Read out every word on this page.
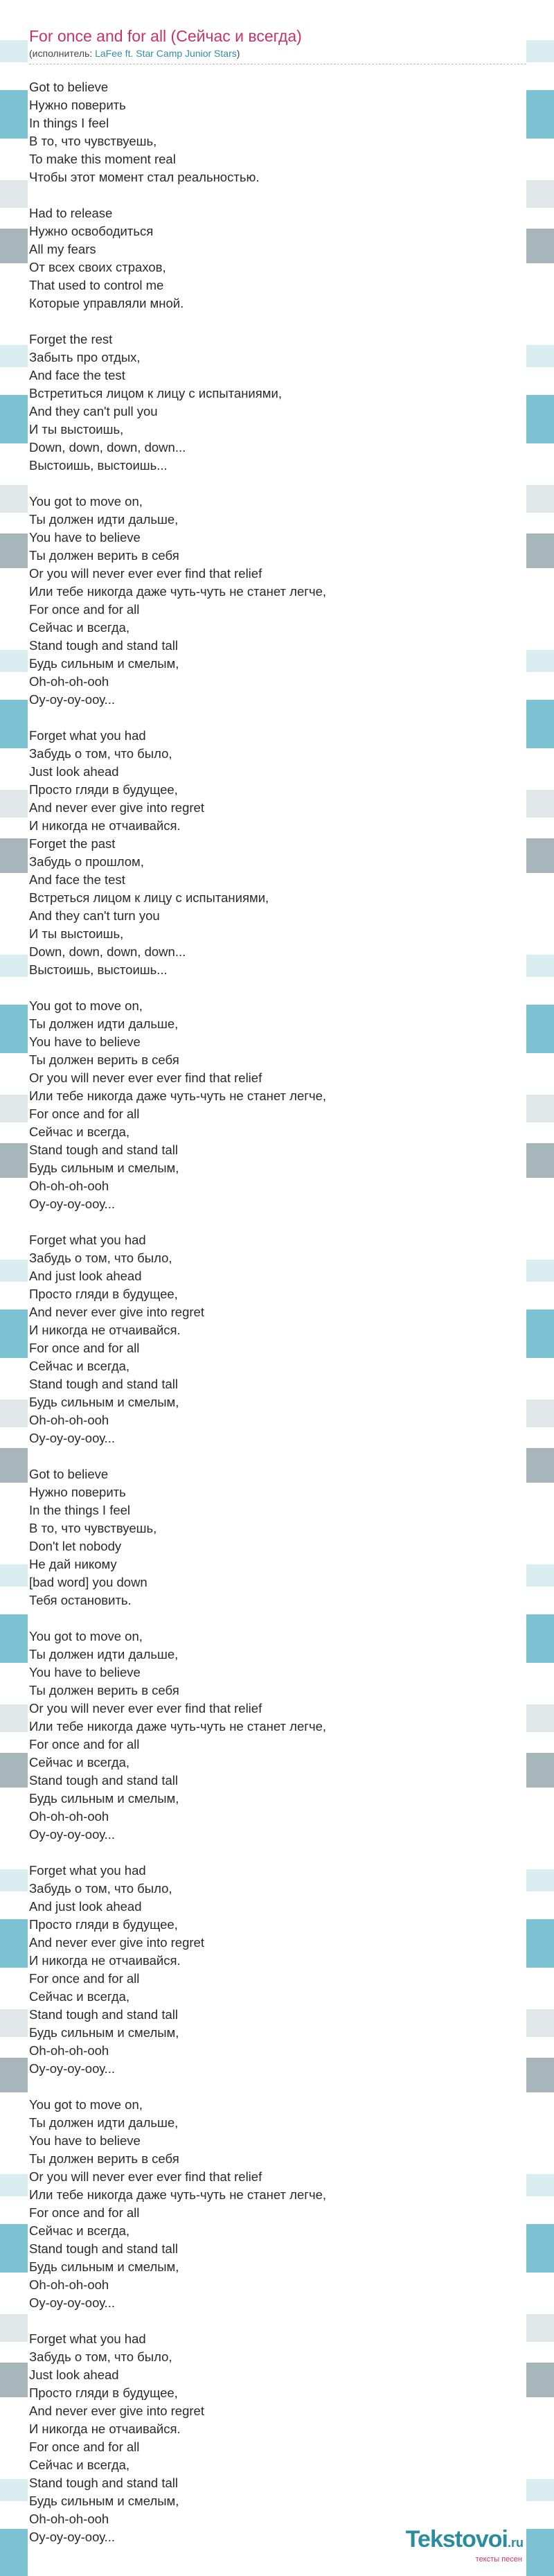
For once and for all (Сейчас и всегда)
(исполнитель: LaFee ft. Star Camp Junior Stars)
Got to believe
Нужно поверить
In things I feel
В то, что чувствуешь,
To make this moment real
Чтобы этот момент стал реальностью.
Had to release
Нужно освободиться
All my fears
От всех своих страхов,
That used to control me
Которые управляли мной.
Forget the rest
Забыть про отдых,
And face the test
Встретиться лицом к лицу с испытаниями,
And they can't pull you
И ты выстоишь,
Down, down, down, down...
Выстоишь, выстоишь...
You got to move on,
Ты должен идти дальше,
You have to believe
Ты должен верить в себя
Or you will never ever ever find that relief
Или тебе никогда даже чуть-чуть не станет легче,
For once and for all
Сейчас и всегда,
Stand tough and stand tall
Будь сильным и смелым,
Oh-oh-oh-ooh
Оу-оу-оу-ооу...
Forget what you had
Забудь о том, что было,
Just look ahead
Просто гляди в будущее,
And never ever give into regret
И никогда не отчаивайся.
Forget the past
Забудь о прошлом,
And face the test
Встреться лицом к лицу с испытаниями,
And they can't turn you
И ты выстоишь,
Down, down, down, down...
Выстоишь, выстоишь...
You got to move on,
Ты должен идти дальше,
You have to believe
Ты должен верить в себя
Or you will never ever ever find that relief
Или тебе никогда даже чуть-чуть не станет легче,
For once and for all
Сейчас и всегда,
Stand tough and stand tall
Будь сильным и смелым,
Oh-oh-oh-ooh
Оу-оу-оу-ооу...
Forget what you had
Забудь о том, что было,
And just look ahead
Просто гляди в будущее,
And never ever give into regret
И никогда не отчаивайся.
For once and for all
Сейчас и всегда,
Stand tough and stand tall
Будь сильным и смелым,
Oh-oh-oh-ooh
Оу-оу-оу-ооу...
Got to believe
Нужно поверить
In the things I feel
В то, что чувствуешь,
Don't let nobody
Не дай никому
[bad word] you down
Тебя остановить.
You got to move on,
Ты должен идти дальше,
You have to believe
Ты должен верить в себя
Or you will never ever ever find that relief
Или тебе никогда даже чуть-чуть не станет легче,
For once and for all
Сейчас и всегда,
Stand tough and stand tall
Будь сильным и смелым,
Oh-oh-oh-ooh
Оу-оу-оу-ооу...
Forget what you had
Забудь о том, что было,
And just look ahead
Просто гляди в будущее,
And never ever give into regret
И никогда не отчаивайся.
For once and for all
Сейчас и всегда,
Stand tough and stand tall
Будь сильным и смелым,
Oh-oh-oh-ooh
Оу-оу-оу-ооу...
You got to move on,
Ты должен идти дальше,
You have to believe
Ты должен верить в себя
Or you will never ever ever find that relief
Или тебе никогда даже чуть-чуть не станет легче,
For once and for all
Сейчас и всегда,
Stand tough and stand tall
Будь сильным и смелым,
Oh-oh-oh-ooh
Оу-оу-оу-ооу...
Forget what you had
Забудь о том, что было,
Just look ahead
Просто гляди в будущее,
And never ever give into regret
И никогда не отчаивайся.
For once and for all
Сейчас и всегда,
Stand tough and stand tall
Будь сильным и смелым,
Oh-oh-oh-ooh
Оу-оу-оу-ооу...	Tekstovoi.ru
тексты песен
